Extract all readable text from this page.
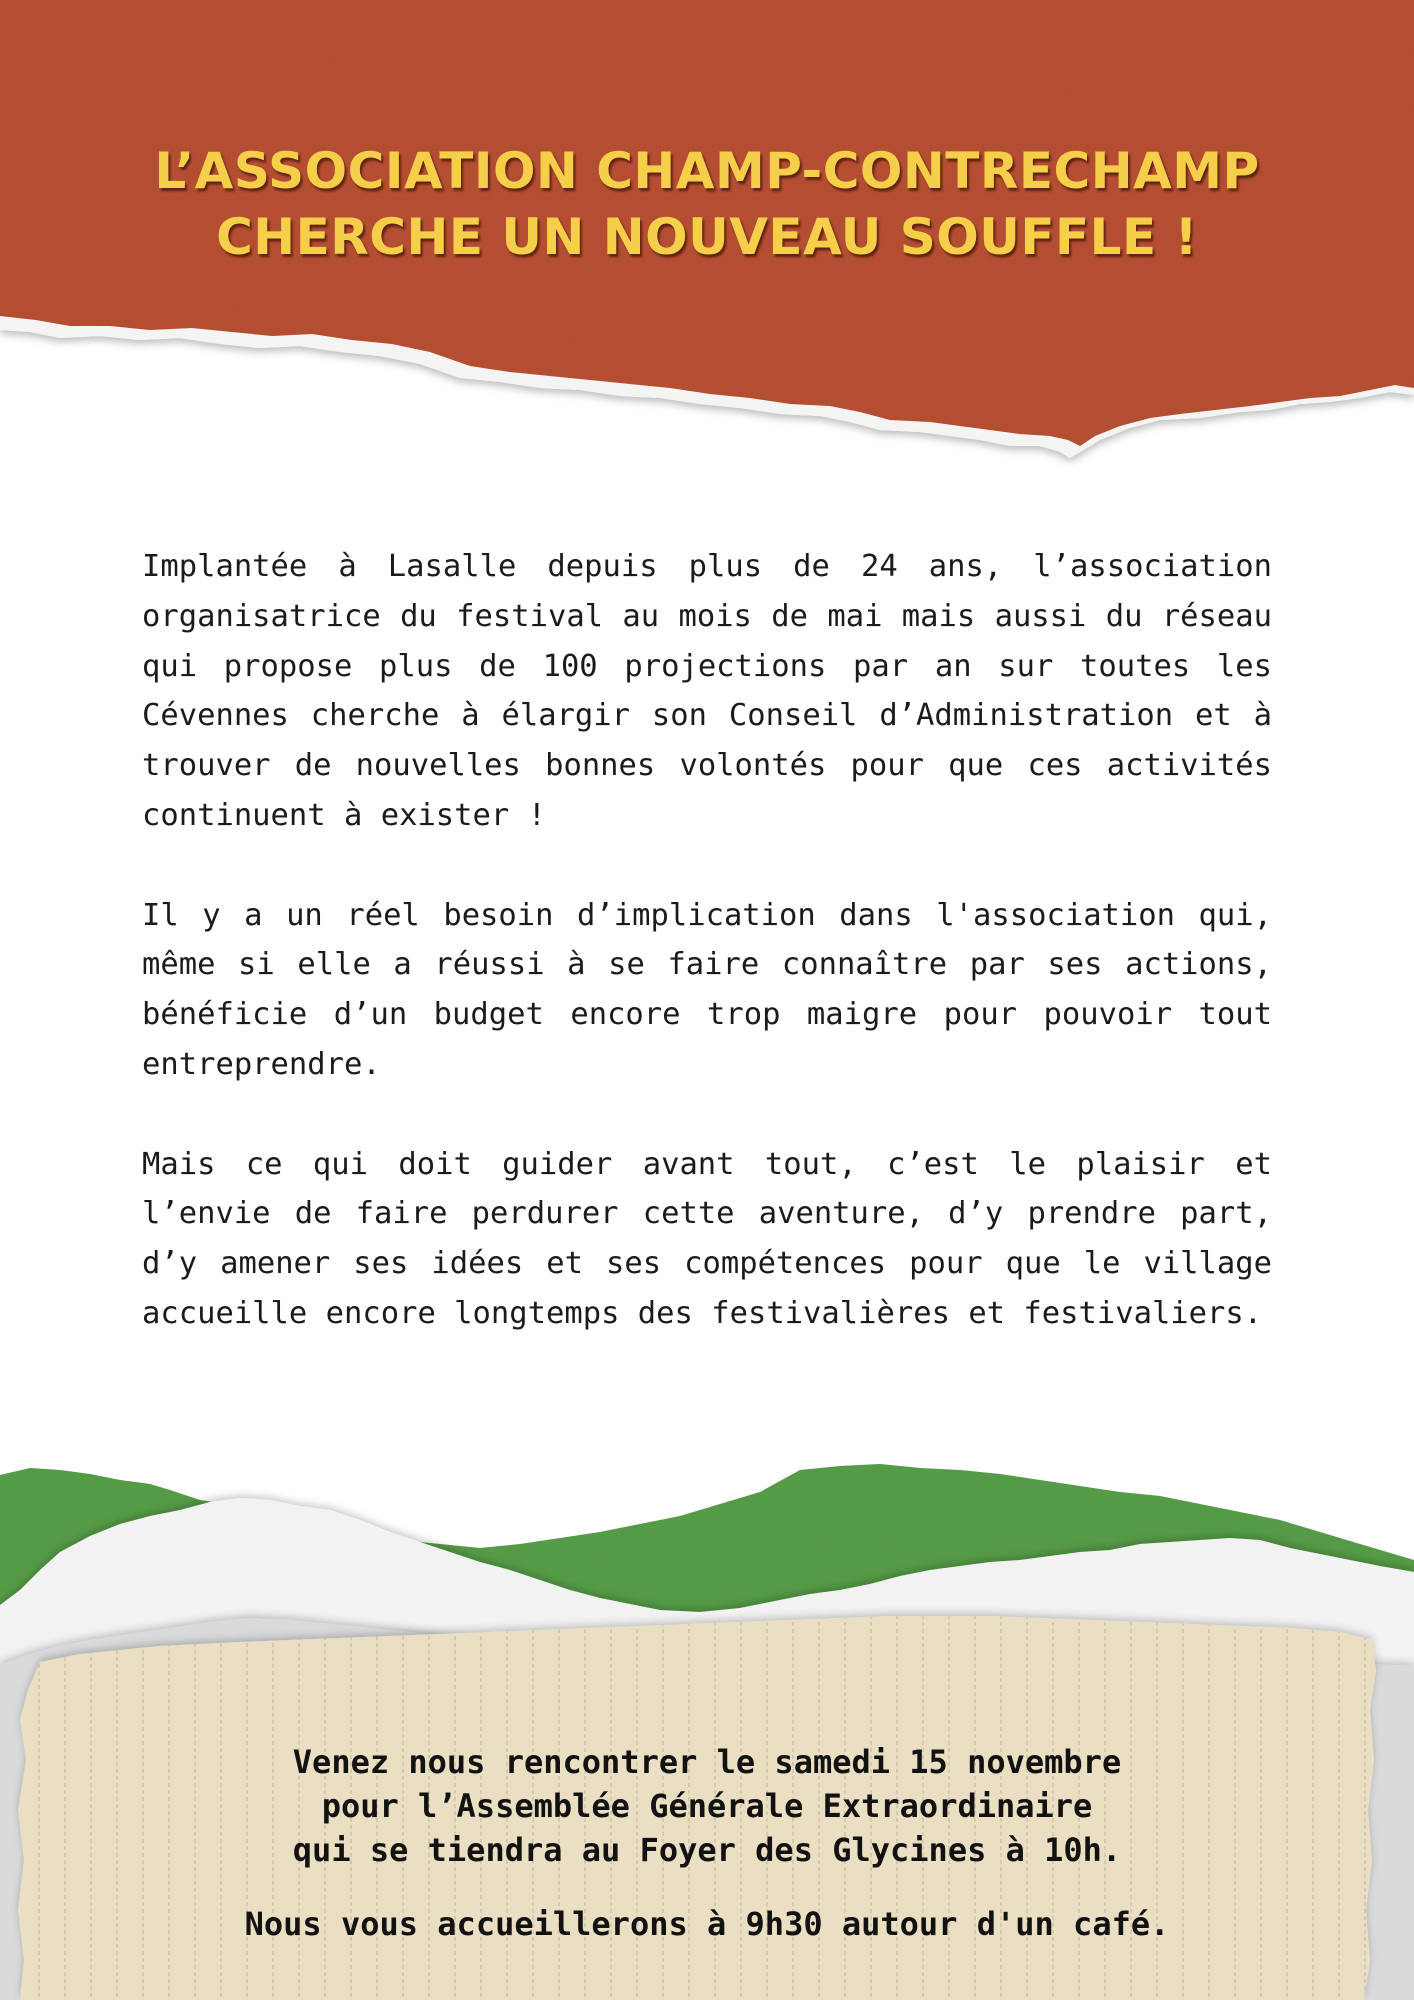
L’ASSOCIATION CHAMP-CONTRECHAMP
CHERCHE UN NOUVEAU SOUFFLE !

Implantée à Lasalle depuis plus de 24 ans, l’association organisatrice du festival au mois de mai mais aussi du réseau qui propose plus de 100 projections par an sur toutes les Cévennes cherche à élargir son Conseil d’Administration et à trouver de nouvelles bonnes volontés pour que ces activités continuent à exister !

Il y a un réel besoin d’implication dans l'association qui, même si elle a réussi à se faire connaître par ses actions, bénéficie d’un budget encore trop maigre pour pouvoir tout entreprendre.

Mais ce qui doit guider avant tout, c’est le plaisir et l’envie de faire perdurer cette aventure, d’y prendre part, d’y amener ses idées et ses compétences pour que le village accueille encore longtemps des festivalières et festivaliers.

Venez nous rencontrer le samedi 15 novembre
pour l’Assemblée Générale Extraordinaire
qui se tiendra au Foyer des Glycines à 10h.
Nous vous accueillerons à 9h30 autour d'un café.
